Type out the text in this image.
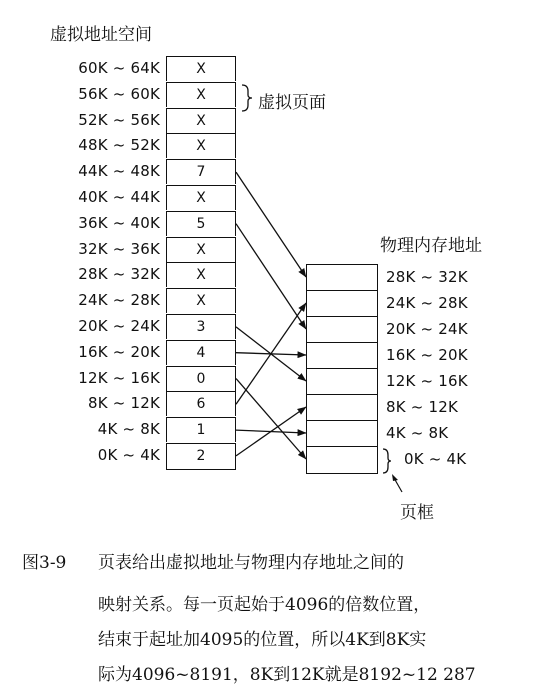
虚拟地址空间
物理内存地址
60K ~ 64K	X
56K ~ 60K	X
52K ~ 56K	X
48K ~ 52K	X
44K ~ 48K	7
40K ~ 44K	X
36K ~ 40K	5
32K ~ 36K	X
28K ~ 32K	X
24K ~ 28K	X
20K ~ 24K	3
16K ~ 20K	4
12K ~ 16K	0
8K ~ 12K	6
4K ~ 8K	1
0K ~ 4K	2
虚拟页面
28K ~ 32K
24K ~ 28K
20K ~ 24K
16K ~ 20K
12K ~ 16K
8K ~ 12K
4K ~ 8K
0K ~ 4K
页框
图3-9 页表给出虚拟地址与物理内存地址之间的
映射关系。每一页起始于4096的倍数位置，
结束于起址加4095的位置，所以4K到8K实
际为4096~8191，8K到12K就是8192~12 287
